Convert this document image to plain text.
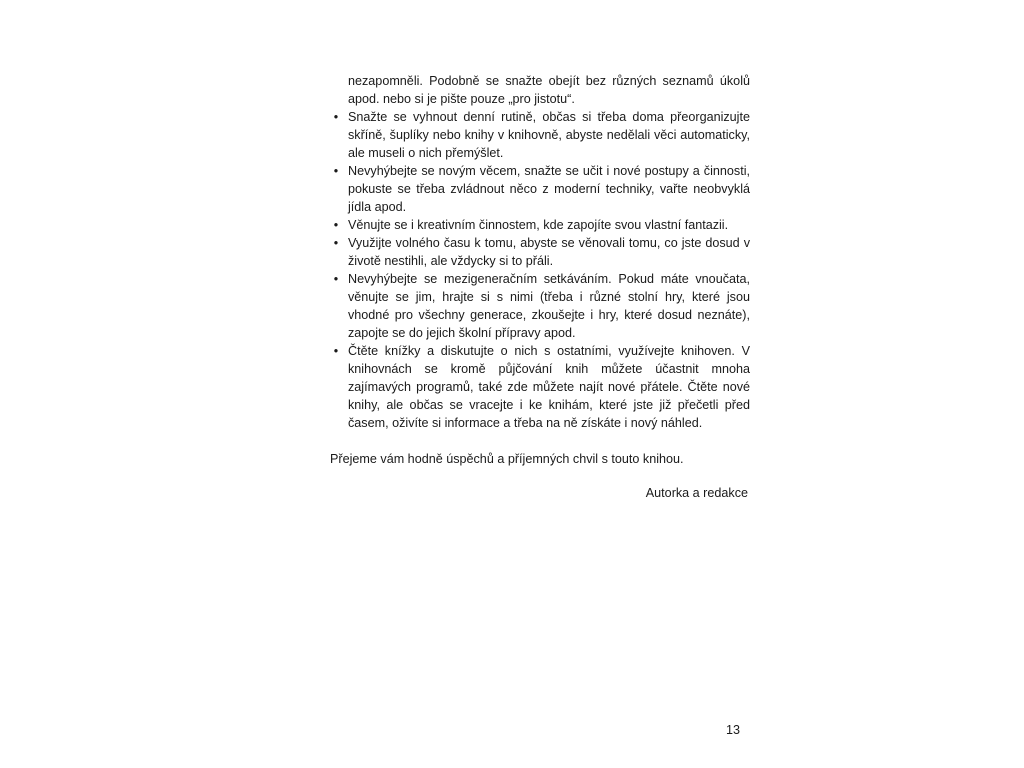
nezapomněli. Podobně se snažte obejít bez různých seznamů úkolů apod. nebo si je pište pouze „pro jistotu“.

• Snažte se vyhnout denní rutině, občas si třeba doma přeorganizujte skříně, šuplíky nebo knihy v knihovně, abyste nedělali věci automaticky, ale museli o nich přemýšlet.
• Nevyhýbejte se novým věcem, snažte se učit i nové postupy a činnosti, pokuste se třeba zvládnout něco z moderní techniky, vařte neobvyklá jídla apod.
• Věnujte se i kreativním činnostem, kde zapojíte svou vlastní fantazii.
• Využijte volného času k tomu, abyste se věnovali tomu, co jste dosud v životě nestihli, ale vždycky si to přáli.
• Nevyhýbejte se mezigeneračním setkáváním. Pokud máte vnoučata, věnujte se jim, hrajte si s nimi (třeba i různé stolní hry, které jsou vhodné pro všechny generace, zkoušejte i hry, které dosud neznáte), zapojte se do jejich školní přípravy apod.
• Čtěte knížky a diskutujte o nich s ostatními, využívejte knihoven. V knihovnách se kromě půjčování knih můžete účastnit mnoha zajímavých programů, také zde můžete najít nové přátele. Čtěte nové knihy, ale občas se vracejte i ke knihám, které jste již přečetli před časem, oživíte si informace a třeba na ně získáte i nový náhled.

Přejeme vám hodně úspěchů a příjemných chvil s touto knihou.

Autorka a redakce

13
